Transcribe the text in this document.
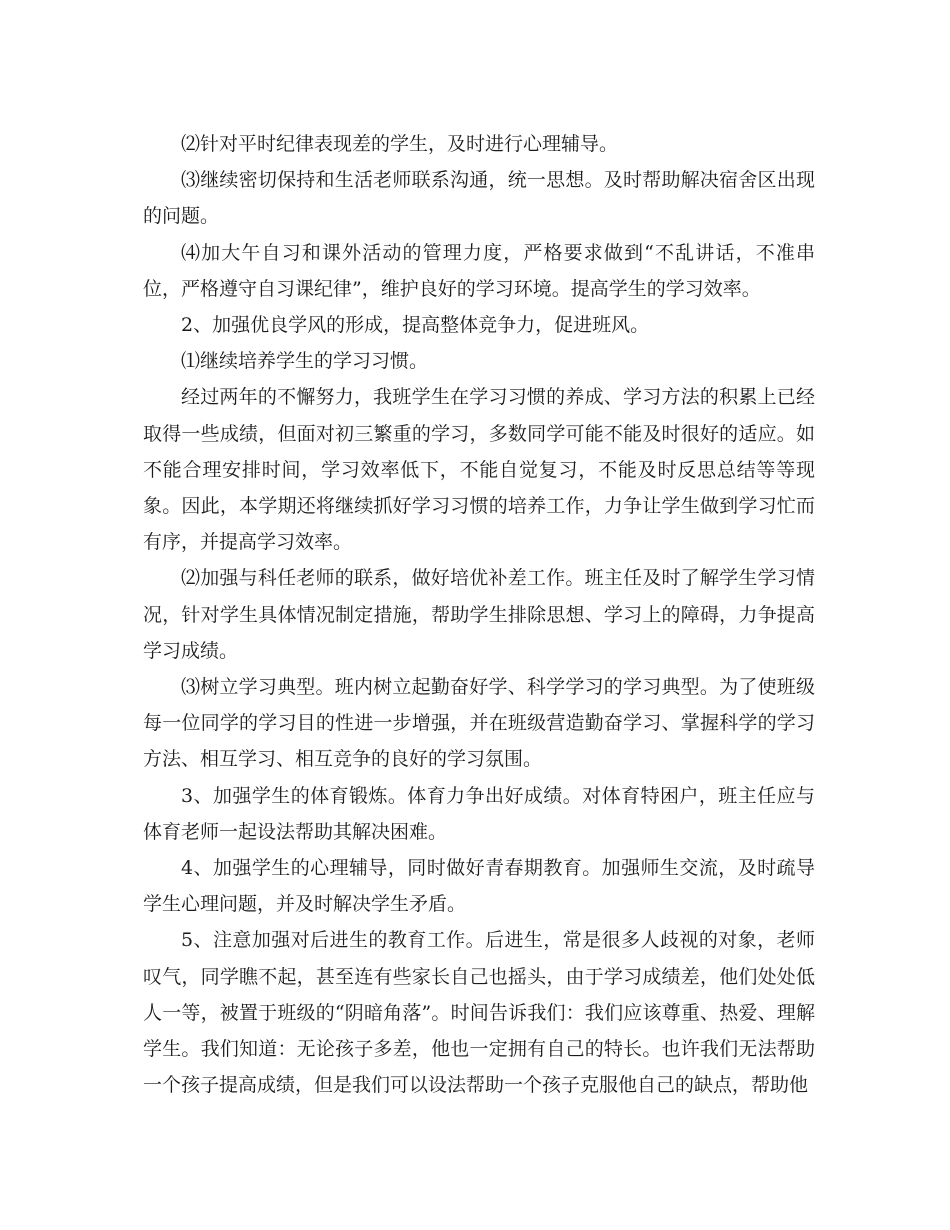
⑵针对平时纪律表现差的学生，及时进行心理辅导。

⑶继续密切保持和生活老师联系沟通，统一思想。及时帮助解决宿舍区出现的问题。

⑷加大午自习和课外活动的管理力度，严格要求做到“不乱讲话，不准串位，严格遵守自习课纪律”，维护良好的学习环境。提高学生的学习效率。

2、加强优良学风的形成，提高整体竞争力，促进班风。

⑴继续培养学生的学习习惯。

经过两年的不懈努力，我班学生在学习习惯的养成、学习方法的积累上已经取得一些成绩，但面对初三繁重的学习，多数同学可能不能及时很好的适应。如不能合理安排时间，学习效率低下，不能自觉复习，不能及时反思总结等等现象。因此，本学期还将继续抓好学习习惯的培养工作，力争让学生做到学习忙而有序，并提高学习效率。

⑵加强与科任老师的联系，做好培优补差工作。班主任及时了解学生学习情况，针对学生具体情况制定措施，帮助学生排除思想、学习上的障碍，力争提高学习成绩。

⑶树立学习典型。班内树立起勤奋好学、科学学习的学习典型。为了使班级每一位同学的学习目的性进一步增强，并在班级营造勤奋学习、掌握科学的学习方法、相互学习、相互竞争的良好的学习氛围。

3、加强学生的体育锻炼。体育力争出好成绩。对体育特困户，班主任应与体育老师一起设法帮助其解决困难。

4、加强学生的心理辅导，同时做好青春期教育。加强师生交流，及时疏导学生心理问题，并及时解决学生矛盾。

5、注意加强对后进生的教育工作。后进生，常是很多人歧视的对象，老师叹气，同学瞧不起，甚至连有些家长自己也摇头，由于学习成绩差，他们处处低人一等，被置于班级的“阴暗角落”。时间告诉我们：我们应该尊重、热爱、理解学生。我们知道：无论孩子多差，他也一定拥有自己的特长。也许我们无法帮助一个孩子提高成绩，但是我们可以设法帮助一个孩子克服他自己的缺点，帮助他
